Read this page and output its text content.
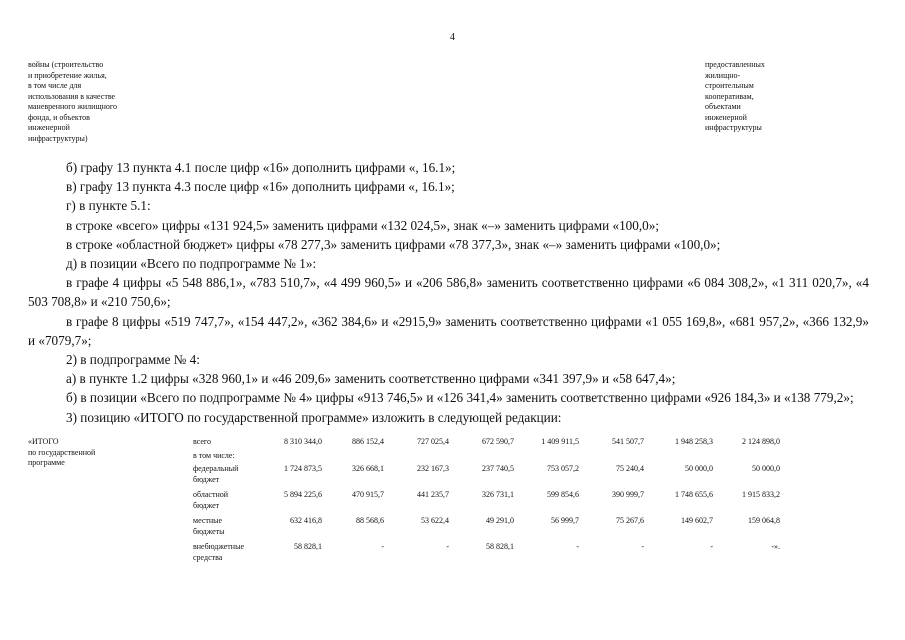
4
войны (строительство
и приобретение жилья,
в том числе для
использования в качестве
маневренного жилищного
фонда, и объектов
инженерной
инфраструктуры)
предоставленных
жилищно-
строительным
кооперативам,
объектами
инженерной
инфраструктуры
б) графу 13 пункта 4.1 после цифр «16» дополнить цифрами «, 16.1»;
в) графу 13 пункта 4.3 после цифр «16» дополнить цифрами «, 16.1»;
г) в пункте 5.1:
в строке «всего» цифры «131 924,5» заменить цифрами «132 024,5», знак «–» заменить цифрами «100,0»;
в строке «областной бюджет» цифры «78 277,3» заменить цифрами «78 377,3», знак «–» заменить цифрами «100,0»;
д) в позиции «Всего по подпрограмме № 1»:
в графе 4 цифры «5 548 886,1», «783 510,7», «4 499 960,5» и «206 586,8» заменить соответственно цифрами «6 084 308,2», «1 311 020,7», «4 503 708,8» и «210 750,6»;
в графе 8 цифры «519 747,7», «154 447,2», «362 384,6» и «2915,9» заменить соответственно цифрами «1 055 169,8», «681 957,2», «366 132,9» и «7079,7»;
2) в подпрограмме № 4:
а) в пункте 1.2 цифры «328 960,1» и «46 209,6» заменить соответственно цифрами «341 397,9» и «58 647,4»;
б) в позиции «Всего по подпрограмме № 4» цифры «913 746,5» и «126 341,4» заменить соответственно цифрами «926 184,3» и «138 779,2»;
3) позицию «ИТОГО по государственной программе» изложить в следующей редакции:
«ИТОГО
по государственной
программе
всего	8 310 344,0	886 152,4	727 025,4	672 590,7	1 409 911,5	541 507,7	1 948 258,3	2 124 898,0
в том числе:
федеральный
бюджет
1 724 873,5	326 668,1	232 167,3	237 740,5	753 057,2	75 240,4	50 000,0	50 000,0
областной
бюджет
5 894 225,6	470 915,7	441 235,7	326 731,1	599 854,6	390 999,7	1 748 655,6	1 915 833,2
местные
бюджеты
632 416,8	88 568,6	53 622,4	49 291,0	56 999,7	75 267,6	149 602,7	159 064,8
внебюджетные
средства
58 828,1	-	-	58 828,1	-	-	-	-».
